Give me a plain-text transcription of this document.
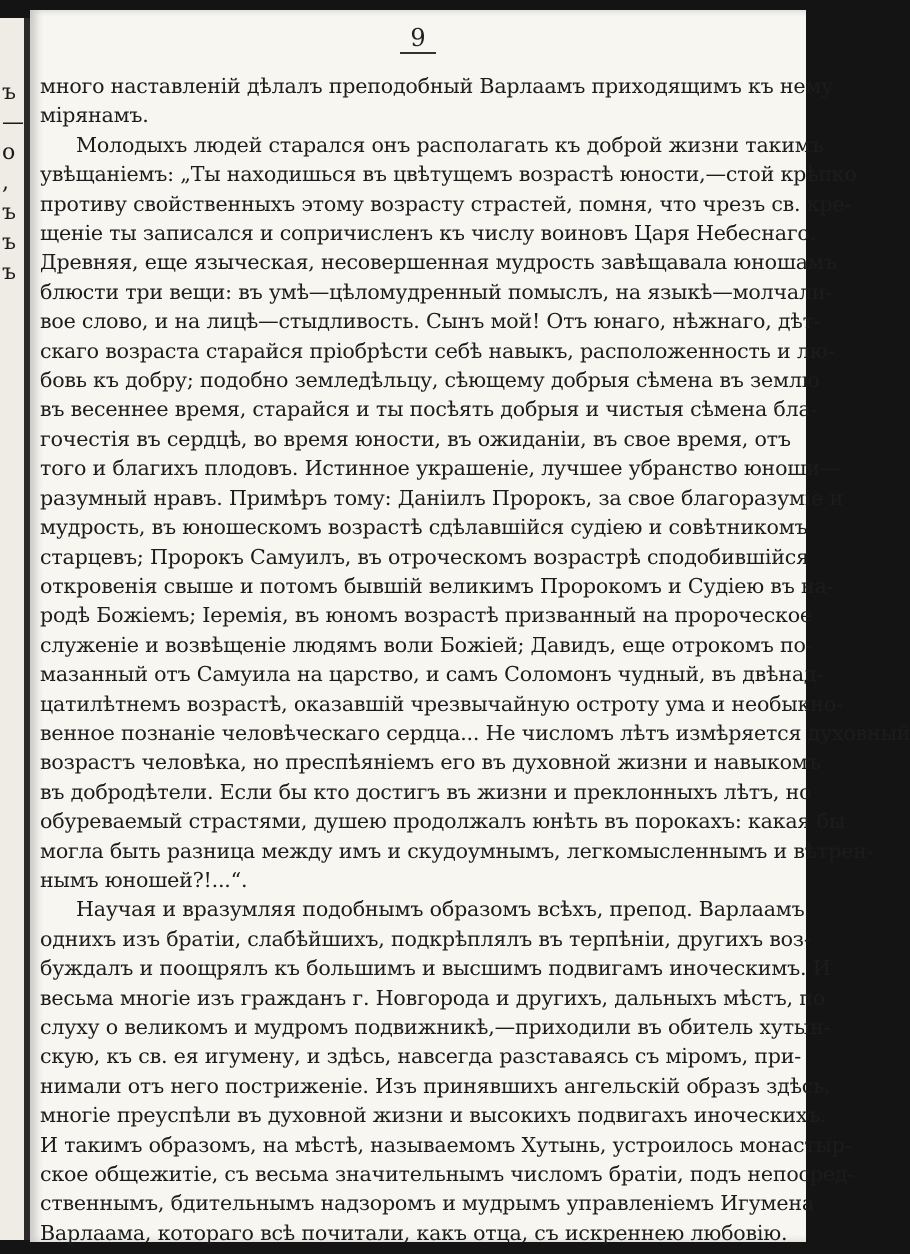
ъ
—
о
,
ъ
ъ
ъ
9

много наставленій дѣлалъ преподобный Варлаамъ приходящимъ къ нему
мірянамъ.

Молодыхъ людей старался онъ располагать къ доброй жизни такимъ
увѣщаніемъ: „Ты находишься въ цвѣтущемъ возрастѣ юности,—стой крѣпко
противу свойственныхъ этому возрасту страстей, помня, что чрезъ св. кре-
щеніе ты записался и сопричисленъ къ числу воиновъ Царя Небеснаго.
Древняя, еще языческая, несовершенная мудрость завѣщавала юношамъ
блюсти три вещи: въ умѣ—цѣломудренный помыслъ, на языкѣ—молчали-
вое слово, и на лицѣ—стыдливость. Сынъ мой! Отъ юнаго, нѣжнаго, дѣт-
скаго возраста старайся пріобрѣсти себѣ навыкъ, расположенность и лю-
бовь къ добру; подобно земледѣльцу, сѣющему добрыя сѣмена въ землю
въ весеннее время, старайся и ты посѣять добрыя и чистыя сѣмена бла-
гочестія въ сердцѣ, во время юности, въ ожиданіи, въ свое время, отъ
того и благихъ плодовъ. Истинное украшеніе, лучшее убранство юноши—
разумный нравъ. Примѣръ тому: Даніилъ Пророкъ, за свое благоразуміе и
мудрость, въ юношескомъ возрастѣ сдѣлавшійся судіею и совѣтникомъ
старцевъ; Пророкъ Самуилъ, въ отроческомъ возрастрѣ сподобившійся
откровенія свыше и потомъ бывшій великимъ Пророкомъ и Судіею въ на-
родѣ Божіемъ; Іеремія, въ юномъ возрастѣ призванный на пророческое
служеніе и возвѣщеніе людямъ воли Божіей; Давидъ, еще отрокомъ по-
мазанный отъ Самуила на царство, и самъ Соломонъ чудный, въ двѣнад-
цатилѣтнемъ возрастѣ, оказавшій чрезвычайную остроту ума и необыкно-
венное познаніе человѣческаго сердца... Не числомъ лѣтъ измѣряется духовный
возрастъ человѣка, но преспѣяніемъ его въ духовной жизни и навыкомъ
въ добродѣтели. Если бы кто достигъ въ жизни и преклонныхъ лѣтъ, но
обуреваемый страстями, душею продолжалъ юнѣть въ порокахъ: какая бы
могла быть разница между имъ и скудоумнымъ, легкомысленнымъ и вѣтрен-
нымъ юношей?!...“.

Научая и вразумляя подобнымъ образомъ всѣхъ, препод. Варлаамъ
однихъ изъ братіи, слабѣйшихъ, подкрѣплялъ въ терпѣніи, другихъ воз-
буждалъ и поощрялъ къ большимъ и высшимъ подвигамъ иноческимъ. И
весьма многіе изъ гражданъ г. Новгорода и другихъ, дальныхъ мѣстъ, по
слуху о великомъ и мудромъ подвижникѣ,—приходили въ обитель хутын-
скую, къ св. ея игумену, и здѣсь, навсегда разставаясь съ міромъ, при-
нимали отъ него постриженіе. Изъ принявшихъ ангельскій образъ здѣсь,
многіе преуспѣли въ духовной жизни и высокихъ подвигахъ иноческихъ.
И такимъ образомъ, на мѣстѣ, называемомъ Хутынь, устроилось монастыр-
ское общежитіе, съ весьма значительнымъ числомъ братіи, подъ непосред-
ственнымъ, бдительнымъ надзоромъ и мудрымъ управленіемъ Игумена
Варлаама, котораго всѣ почитали, какъ отца, съ искреннею любовію.
